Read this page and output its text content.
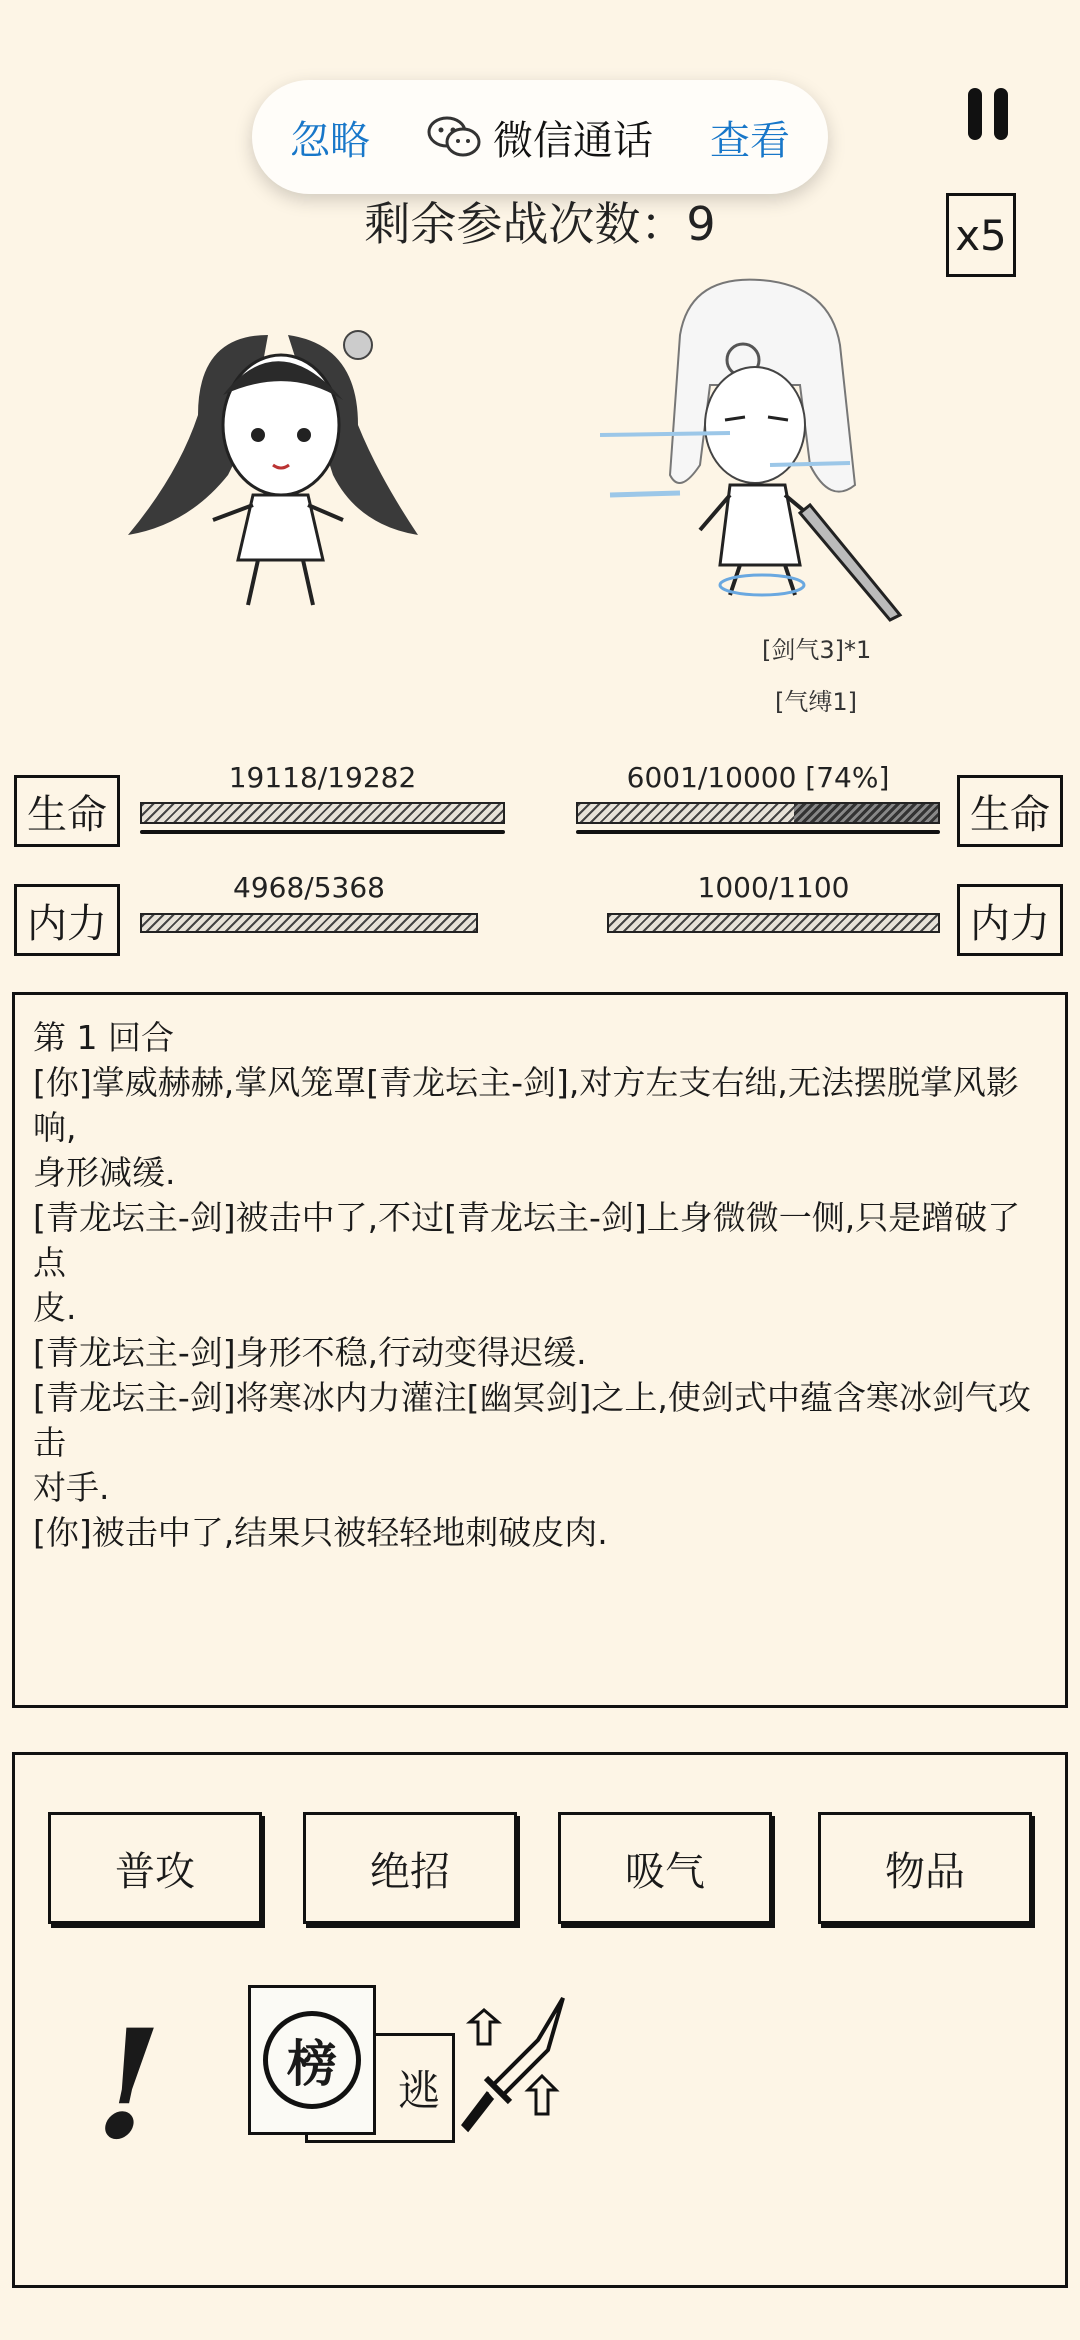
忽略	微信通话 查看
剩余参战次数：9	x5
[剑气3]*1
[气缚1]
生命
19118/19282	6001/10000 [74%]
生命
内力
4968/5368	1000/1100
内力
第 1 回合
[你]掌威赫赫,掌风笼罩[青龙坛主-剑],对方左支右绌,无法摆脱掌风影响,
身形减缓.
[青龙坛主-剑]被击中了,不过[青龙坛主-剑]上身微微一侧,只是蹭破了点
皮.
[青龙坛主-剑]身形不稳,行动变得迟缓.
[青龙坛主-剑]将寒冰内力灌注[幽冥剑]之上,使剑式中蕴含寒冰剑气攻击
对手.
[你]被击中了,结果只被轻轻地刺破皮肉.
普攻	绝招	吸气	物品
!	逃
榜
